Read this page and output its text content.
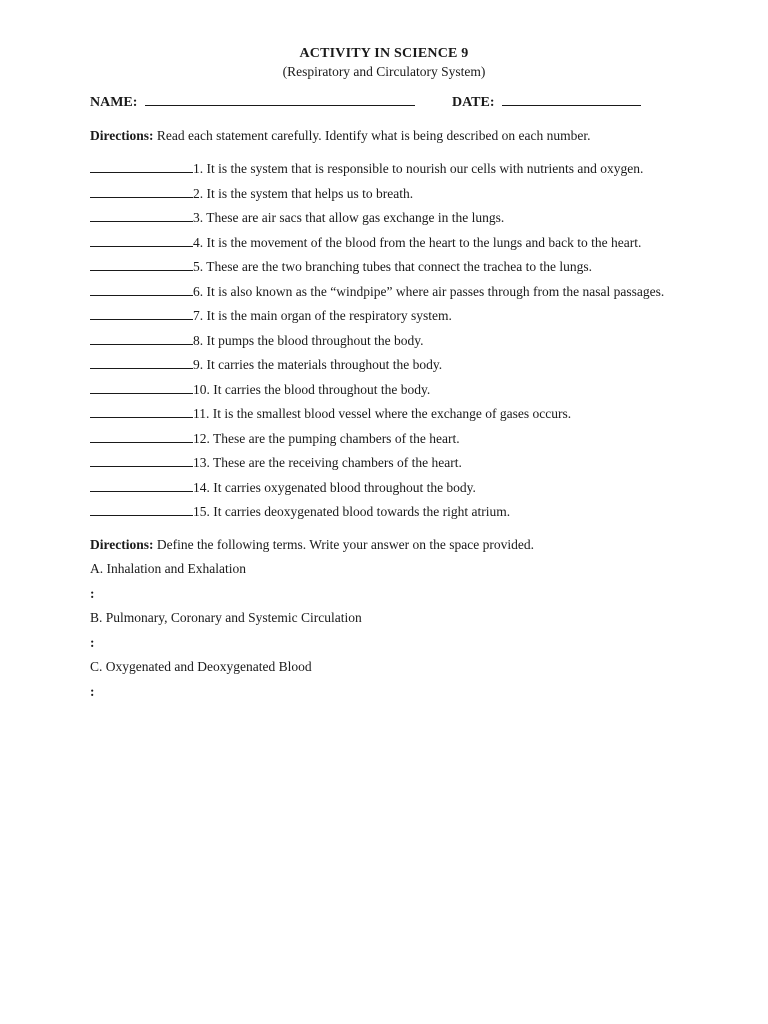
ACTIVITY IN SCIENCE 9
(Respiratory and Circulatory System)
NAME:	DATE:
Directions: Read each statement carefully. Identify what is being described on each number.
1. It is the system that is responsible to nourish our cells with nutrients and oxygen.
2. It is the system that helps us to breath.
3. These are air sacs that allow gas exchange in the lungs.
4. It is the movement of the blood from the heart to the lungs and back to the heart.
5. These are the two branching tubes that connect the trachea to the lungs.
6. It is also known as the “windpipe” where air passes through from the nasal passages.
7. It is the main organ of the respiratory system.
8. It pumps the blood throughout the body.
9. It carries the materials throughout the body.
10. It carries the blood throughout the body.
11. It is the smallest blood vessel where the exchange of gases occurs.
12. These are the pumping chambers of the heart.
13. These are the receiving chambers of the heart.
14. It carries oxygenated blood throughout the body.
15. It carries deoxygenated blood towards the right atrium.
Directions: Define the following terms. Write your answer on the space provided.
A. Inhalation and Exhalation
:
B. Pulmonary, Coronary and Systemic Circulation
:
C. Oxygenated and Deoxygenated Blood
:
